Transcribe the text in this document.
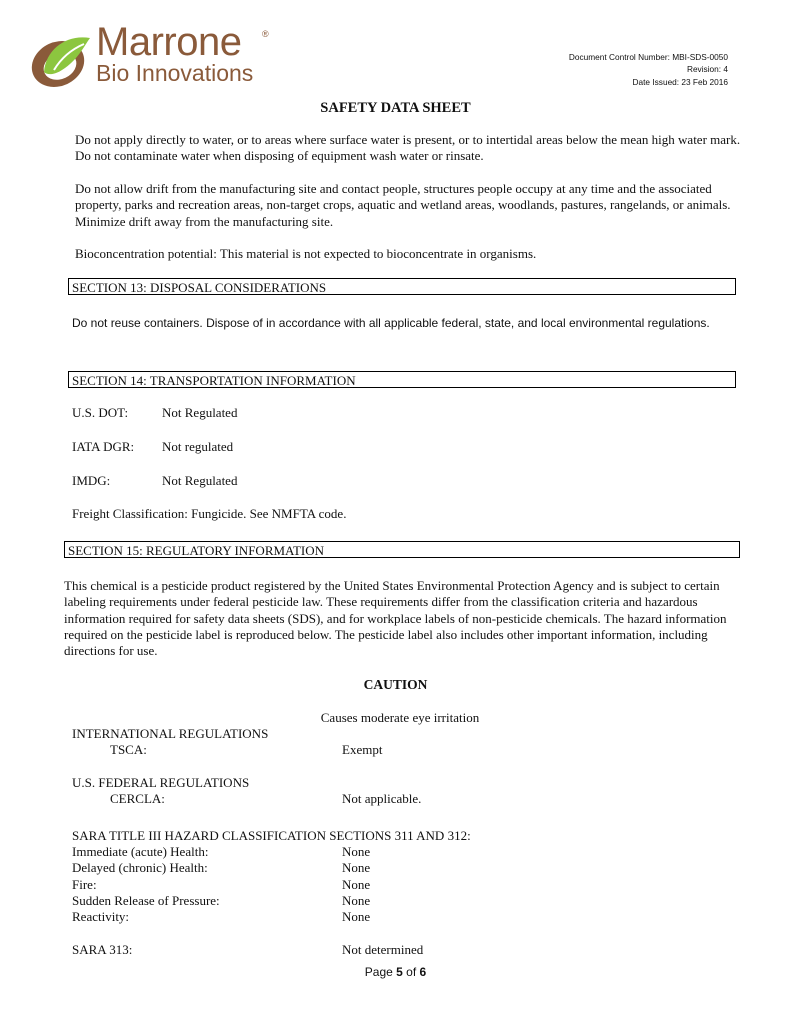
Marrone ®
Bio Innovations
Document Control Number: MBI-SDS-0050
Revision: 4
Date Issued: 23 Feb 2016
SAFETY DATA SHEET
Do not apply directly to water, or to areas where surface water is present, or to intertidal areas below the mean high water mark. Do not contaminate water when disposing of equipment wash water or rinsate.
Do not allow drift from the manufacturing site and contact people, structures people occupy at any time and the associated property, parks and recreation areas, non-target crops, aquatic and wetland areas, woodlands, pastures, rangelands, or animals. Minimize drift away from the manufacturing site.
Bioconcentration potential: This material is not expected to bioconcentrate in organisms.
SECTION 13: DISPOSAL CONSIDERATIONS
Do not reuse containers. Dispose of in accordance with all applicable federal, state, and local environmental regulations.
SECTION 14: TRANSPORTATION INFORMATION
U.S. DOT:	Not Regulated
IATA DGR: Not regulated
IMDG:	Not Regulated
Freight Classification: Fungicide. See NMFTA code.
SECTION 15: REGULATORY INFORMATION
This chemical is a pesticide product registered by the United States Environmental Protection Agency and is subject to certain labeling requirements under federal pesticide law. These requirements differ from the classification criteria and hazardous information required for safety data sheets (SDS), and for workplace labels of non-pesticide chemicals. The hazard information required on the pesticide label is reproduced below. The pesticide label also includes other important information, including directions for use.
CAUTION
Causes moderate eye irritation
INTERNATIONAL REGULATIONS
TSCA:	Exempt
U.S. FEDERAL REGULATIONS
CERCLA:	Not applicable.
SARA TITLE III HAZARD CLASSIFICATION SECTIONS 311 AND 312:
Immediate (acute) Health:	None
Delayed (chronic) Health:	None
Fire:	None
Sudden Release of Pressure:	None
Reactivity:	None
SARA 313:	Not determined
Page 5 of 6
